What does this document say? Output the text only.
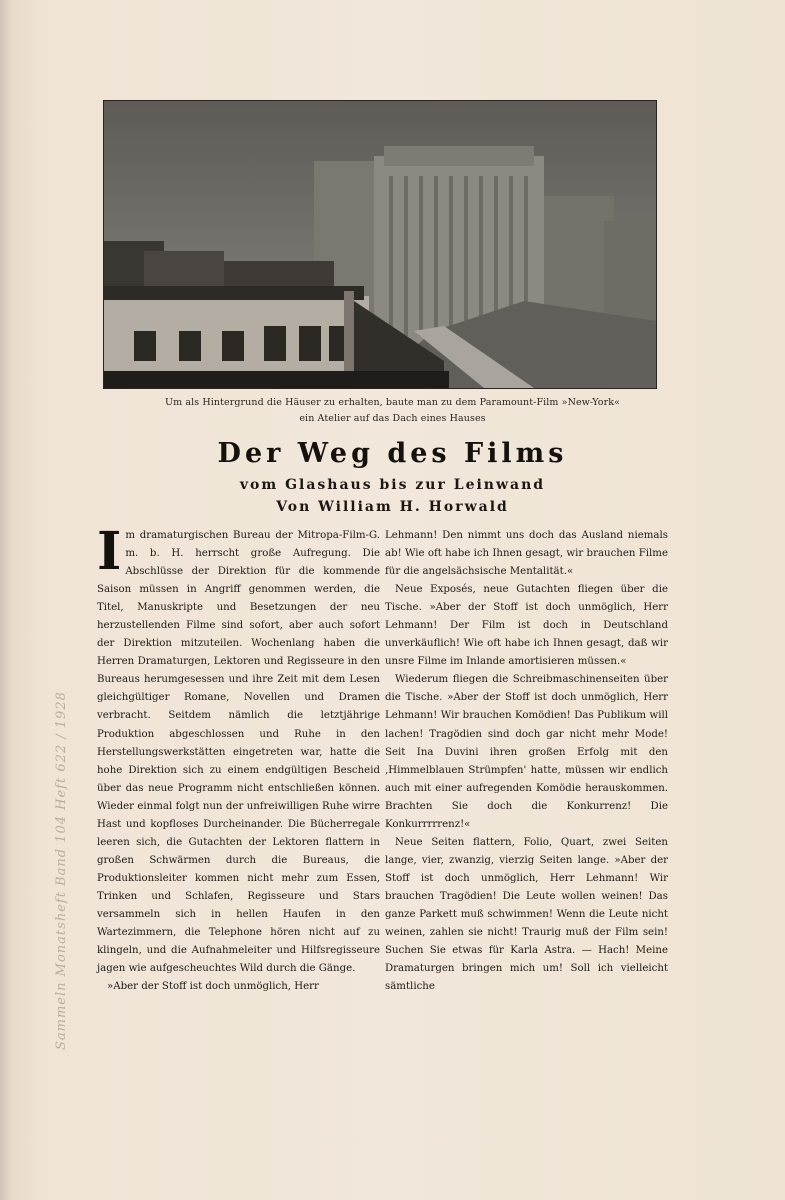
Um als Hintergrund die Häuser zu erhalten, baute man zu dem Paramount-Film »New-York«
ein Atelier auf das Dach eines Hauses
Der Weg des Films
vom Glashaus bis zur Leinwand
Von William H. Horwald

Im dramaturgischen Bureau der Mitropa-Film-G. m. b. H. herrscht große Aufregung. Die Abschlüsse der Direktion für die kommende Saison müssen in Angriff genommen werden, die Titel, Manuskripte und Besetzungen der neu herzustellenden Filme sind sofort, aber auch sofort der Direktion mitzuteilen. Wochenlang haben die Herren Dramaturgen, Lektoren und Regisseure in den Bureaus herumgesessen und ihre Zeit mit dem Lesen gleichgültiger Romane, Novellen und Dramen verbracht. Seitdem nämlich die letztjährige Produktion abgeschlossen und Ruhe in den Herstellungswerkstätten eingetreten war, hatte die hohe Direktion sich zu einem endgültigen Bescheid über das neue Programm nicht entschließen können. Wieder einmal folgt nun der unfreiwilligen Ruhe wirre Hast und kopfloses Durcheinander. Die Bücherregale leeren sich, die Gutachten der Lektoren flattern in großen Schwärmen durch die Bureaus, die Produktionsleiter kommen nicht mehr zum Essen, Trinken und Schlafen, Regisseure und Stars versammeln sich in hellen Haufen in den Wartezimmern, die Telephone hören nicht auf zu klingeln, und die Aufnahmeleiter und Hilfsregisseure jagen wie aufgescheuchtes Wild durch die Gänge.

»Aber der Stoff ist doch unmöglich, Herr

Lehmann! Den nimmt uns doch das Ausland niemals ab! Wie oft habe ich Ihnen gesagt, wir brauchen Filme für die angelsächsische Mentalität.«

Neue Exposés, neue Gutachten fliegen über die Tische. »Aber der Stoff ist doch unmöglich, Herr Lehmann! Der Film ist doch in Deutschland unverkäuflich! Wie oft habe ich Ihnen gesagt, daß wir unsre Filme im Inlande amortisieren müssen.«

Wiederum fliegen die Schreibmaschinenseiten über die Tische. »Aber der Stoff ist doch unmöglich, Herr Lehmann! Wir brauchen Komödien! Das Publikum will lachen! Tragödien sind doch gar nicht mehr Mode! Seit Ina Duvini ihren großen Erfolg mit den ‚Himmelblauen Strümpfen' hatte, müssen wir endlich auch mit einer aufregenden Komödie herauskommen. Brachten Sie doch die Konkurrenz! Die Konkurrrrrenz!«

Neue Seiten flattern, Folio, Quart, zwei Seiten lange, vier, zwanzig, vierzig Seiten lange. »Aber der Stoff ist doch unmöglich, Herr Lehmann! Wir brauchen Tragödien! Die Leute wollen weinen! Das ganze Parkett muß schwimmen! Wenn die Leute nicht weinen, zahlen sie nicht! Traurig muß der Film sein! Suchen Sie etwas für Karla Astra. — Hach! Meine Dramaturgen bringen mich um! Soll ich vielleicht sämtliche

Sammeln Monatsheft Band 104 Heft 622 / 1928
